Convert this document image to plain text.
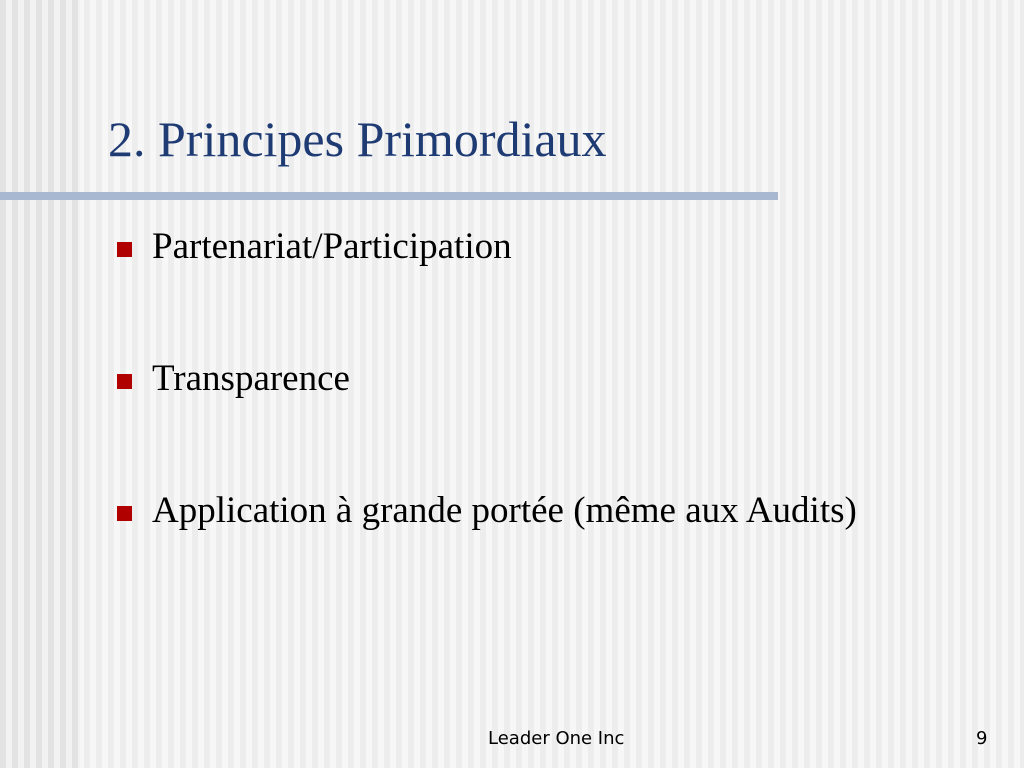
2. Principes Primordiaux
Partenariat/Participation
Transparence
Application à grande portée (même aux Audits)
Leader One Inc	9
